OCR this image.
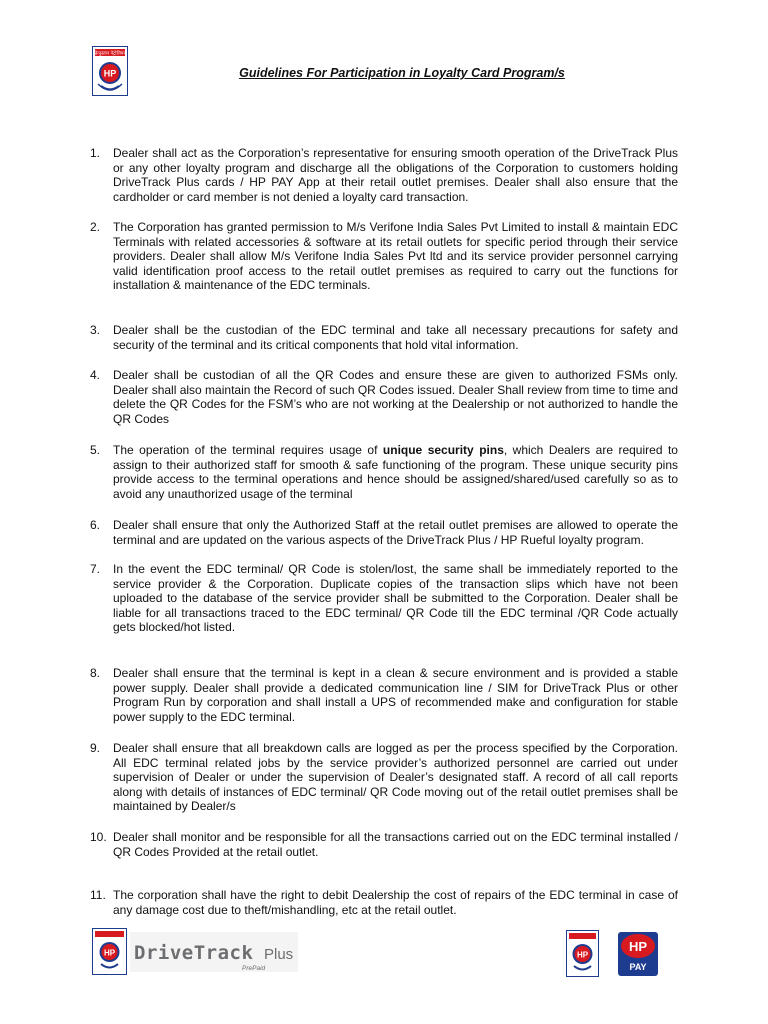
हिन्दुस्तान पेट्रोलियम
HP	Guidelines For Participation in Loyalty Card Program/s
1.	Dealer shall act as the Corporation’s representative for ensuring smooth operation of the DriveTrack Plus or any other loyalty program and discharge all the obligations of the Corporation to customers holding DriveTrack Plus cards / HP PAY App at their retail outlet premises. Dealer shall also ensure that the cardholder or card member is not denied a loyalty card transaction.
2.	The Corporation has granted permission to M/s Verifone India Sales Pvt Limited to install & maintain EDC Terminals with related accessories & software at its retail outlets for specific period through their service providers. Dealer shall allow M/s Verifone India Sales Pvt ltd and its service provider personnel carrying valid identification proof access to the retail outlet premises as required to carry out the functions for installation & maintenance of the EDC terminals.
3.	Dealer shall be the custodian of the EDC terminal and take all necessary precautions for safety and security of the terminal and its critical components that hold vital information.
4.	Dealer shall be custodian of all the QR Codes and ensure these are given to authorized FSMs only. Dealer shall also maintain the Record of such QR Codes issued. Dealer Shall review from time to time and delete the QR Codes for the FSM’s who are not working at the Dealership or not authorized to handle the QR Codes
5.	The operation of the terminal requires usage of unique security pins, which Dealers are required to assign to their authorized staff for smooth & safe functioning of the program. These unique security pins provide access to the terminal operations and hence should be assigned/shared/used carefully so as to avoid any unauthorized usage of the terminal
6.	Dealer shall ensure that only the Authorized Staff at the retail outlet premises are allowed to operate the terminal and are updated on the various aspects of the DriveTrack Plus / HP Rueful loyalty program.
7.	In the event the EDC terminal/ QR Code is stolen/lost, the same shall be immediately reported to the service provider & the Corporation. Duplicate copies of the transaction slips which have not been uploaded to the database of the service provider shall be submitted to the Corporation. Dealer shall be liable for all transactions traced to the EDC terminal/ QR Code till the EDC terminal /QR Code actually gets blocked/hot listed.
8.	Dealer shall ensure that the terminal is kept in a clean & secure environment and is provided a stable power supply. Dealer shall provide a dedicated communication line / SIM for DriveTrack Plus or other Program Run by corporation and shall install a UPS of recommended make and configuration for stable power supply to the EDC terminal.
9.	Dealer shall ensure that all breakdown calls are logged as per the process specified by the Corporation. All EDC terminal related jobs by the service provider’s authorized personnel are carried out under supervision of Dealer or under the supervision of Dealer’s designated staff. A record of all call reports along with details of instances of EDC terminal/ QR Code moving out of the retail outlet premises shall be maintained by Dealer/s
10. Dealer shall monitor and be responsible for all the transactions carried out on the EDC terminal installed / QR Codes Provided at the retail outlet.
11. The corporation shall have the right to debit Dealership the cost of repairs of the EDC terminal in case of any damage cost due to theft/mishandling, etc at the retail outlet.
HP DriveTrack Plus
PrePaid
HP
HP
PAY
